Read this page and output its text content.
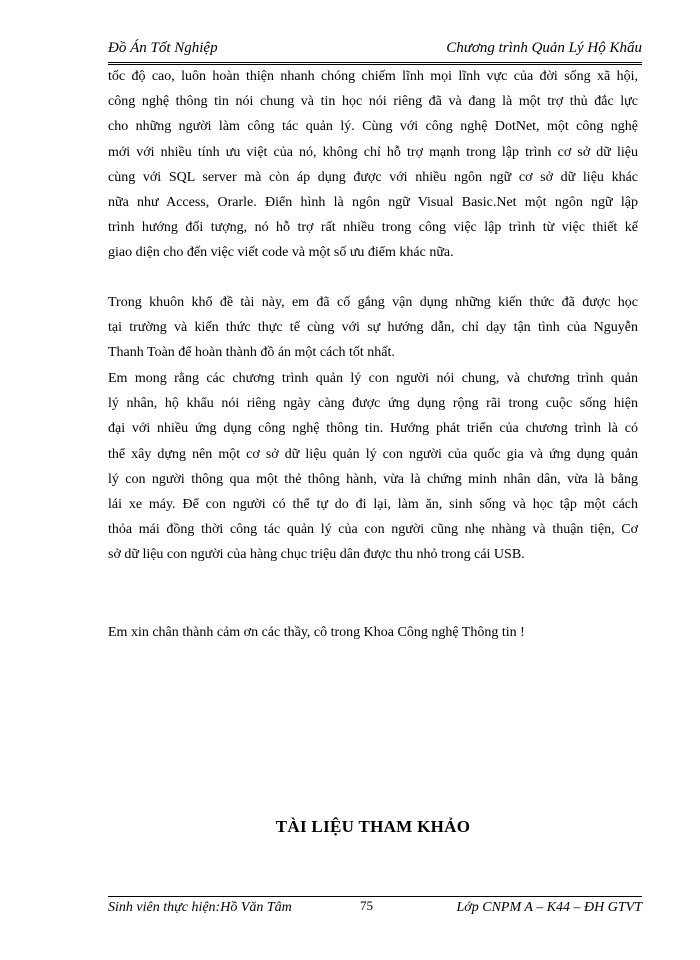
Đồ Án Tốt Nghiệp	Chương trình Quản Lý Hộ Khẩu
tốc độ cao, luôn hoàn thiện nhanh chóng chiếm lĩnh mọi lĩnh vực của đời sống xã hội,
công nghệ thông tin nói chung và tin học nói riêng đã và đang là một trợ thủ đắc lực
cho những người làm công tác quản lý. Cùng với công nghệ DotNet, một công nghệ
mới với nhiều tính ưu việt của nó, không chỉ hỗ trợ mạnh trong lập trình cơ sở dữ liệu
cùng với SQL server mà còn áp dụng được với nhiều ngôn ngữ cơ sở dữ liệu khác
nữa như Access, Orarle. Điển hình là ngôn ngữ Visual Basic.Net một ngôn ngữ lập
trình hướng đối tượng, nó hỗ trợ rất nhiều trong công việc lập trình từ việc thiết kế
giao diện cho đến việc viết code và một số ưu điểm khác nữa.
Trong khuôn khổ đề tài này, em đã cố gắng vận dụng những kiến thức đã được học
tại trường và kiến thức thực tế cùng với sự hướng dẫn, chỉ dạy tận tình của Nguyễn
Thanh Toàn để hoàn thành đồ án một cách tốt nhất.
Em mong rằng các chương trình quản lý con người nói chung, và chương trình quản
lý nhân, hộ khẩu nói riêng ngày càng được ứng dụng rộng rãi trong cuộc sống hiện
đại với nhiều ứng dụng công nghệ thông tin. Hướng phát triển của chương trình là có
thể xây dựng nên một cơ sở dữ liệu quản lý con người của quốc gia và ứng dụng quản
lý con người thông qua một thẻ thông hành, vừa là chứng minh nhân dân, vừa là bằng
lái xe máy. Để con người có thể tự do đi lại, làm ăn, sinh sống và học tập một cách
thỏa mái đồng thời công tác quản lý của con người cũng nhẹ nhàng và thuận tiện, Cơ
sở dữ liệu con người của hàng chục triệu dân được thu nhỏ trong cái USB.
Em xin chân thành cảm ơn các thầy, cô trong Khoa Công nghệ Thông tin !
TÀI LIỆU THAM KHẢO
Sinh viên thực hiện:Hồ Văn Tâm	75	Lớp CNPM A – K44 – ĐH GTVT
